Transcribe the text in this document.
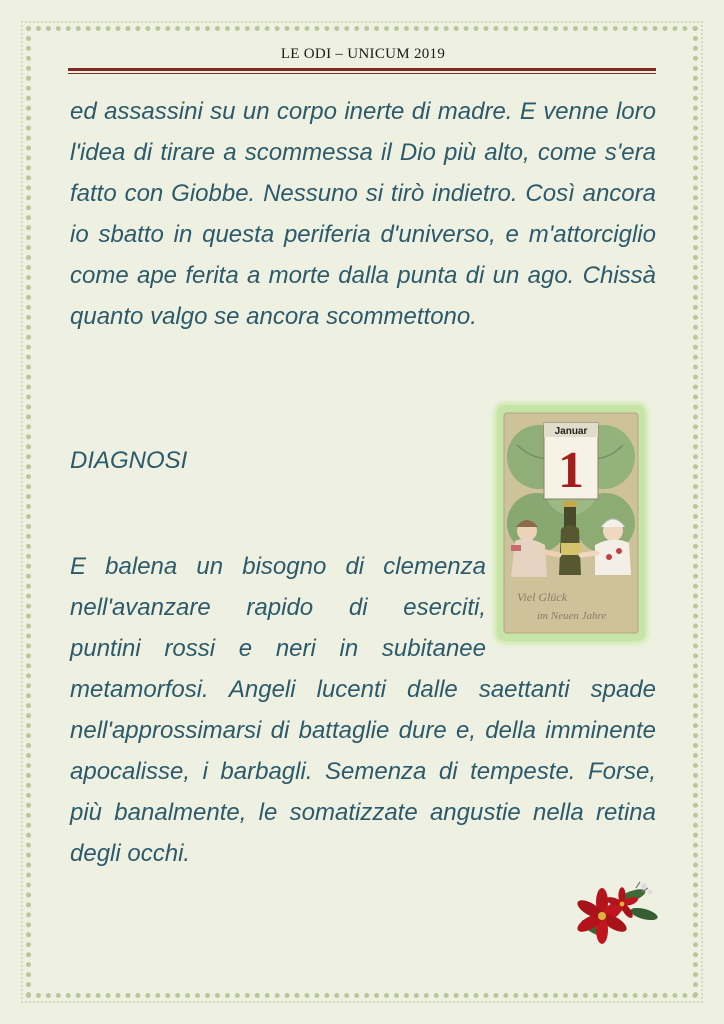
LE ODI – UNICUM 2019

ed assassini su un corpo inerte di madre. E venne loro l'idea di tirare a scommessa il Dio più alto, come s'era fatto con Giobbe. Nessuno si tirò indietro. Così ancora io sbatto in questa periferia d'universo, e m'attorciglio come ape ferita a morte dalla punta di un ago. Chissà quanto valgo se ancora scommettono.

DIAGNOSI

E balena un bisogno di clemenza
nell'avanzare rapido di eserciti,
puntini rossi e neri in subitanee

metamorfosi. Angeli lucenti dalle saettanti spade nell'approssimarsi di battaglie dure e, della imminente apocalisse, i barbagli. Semenza di tempeste. Forse, più banalmente, le somatizzate angustie nella retina degli occhi.

Januar
1
Viel Glück
im Neuen Jahre
